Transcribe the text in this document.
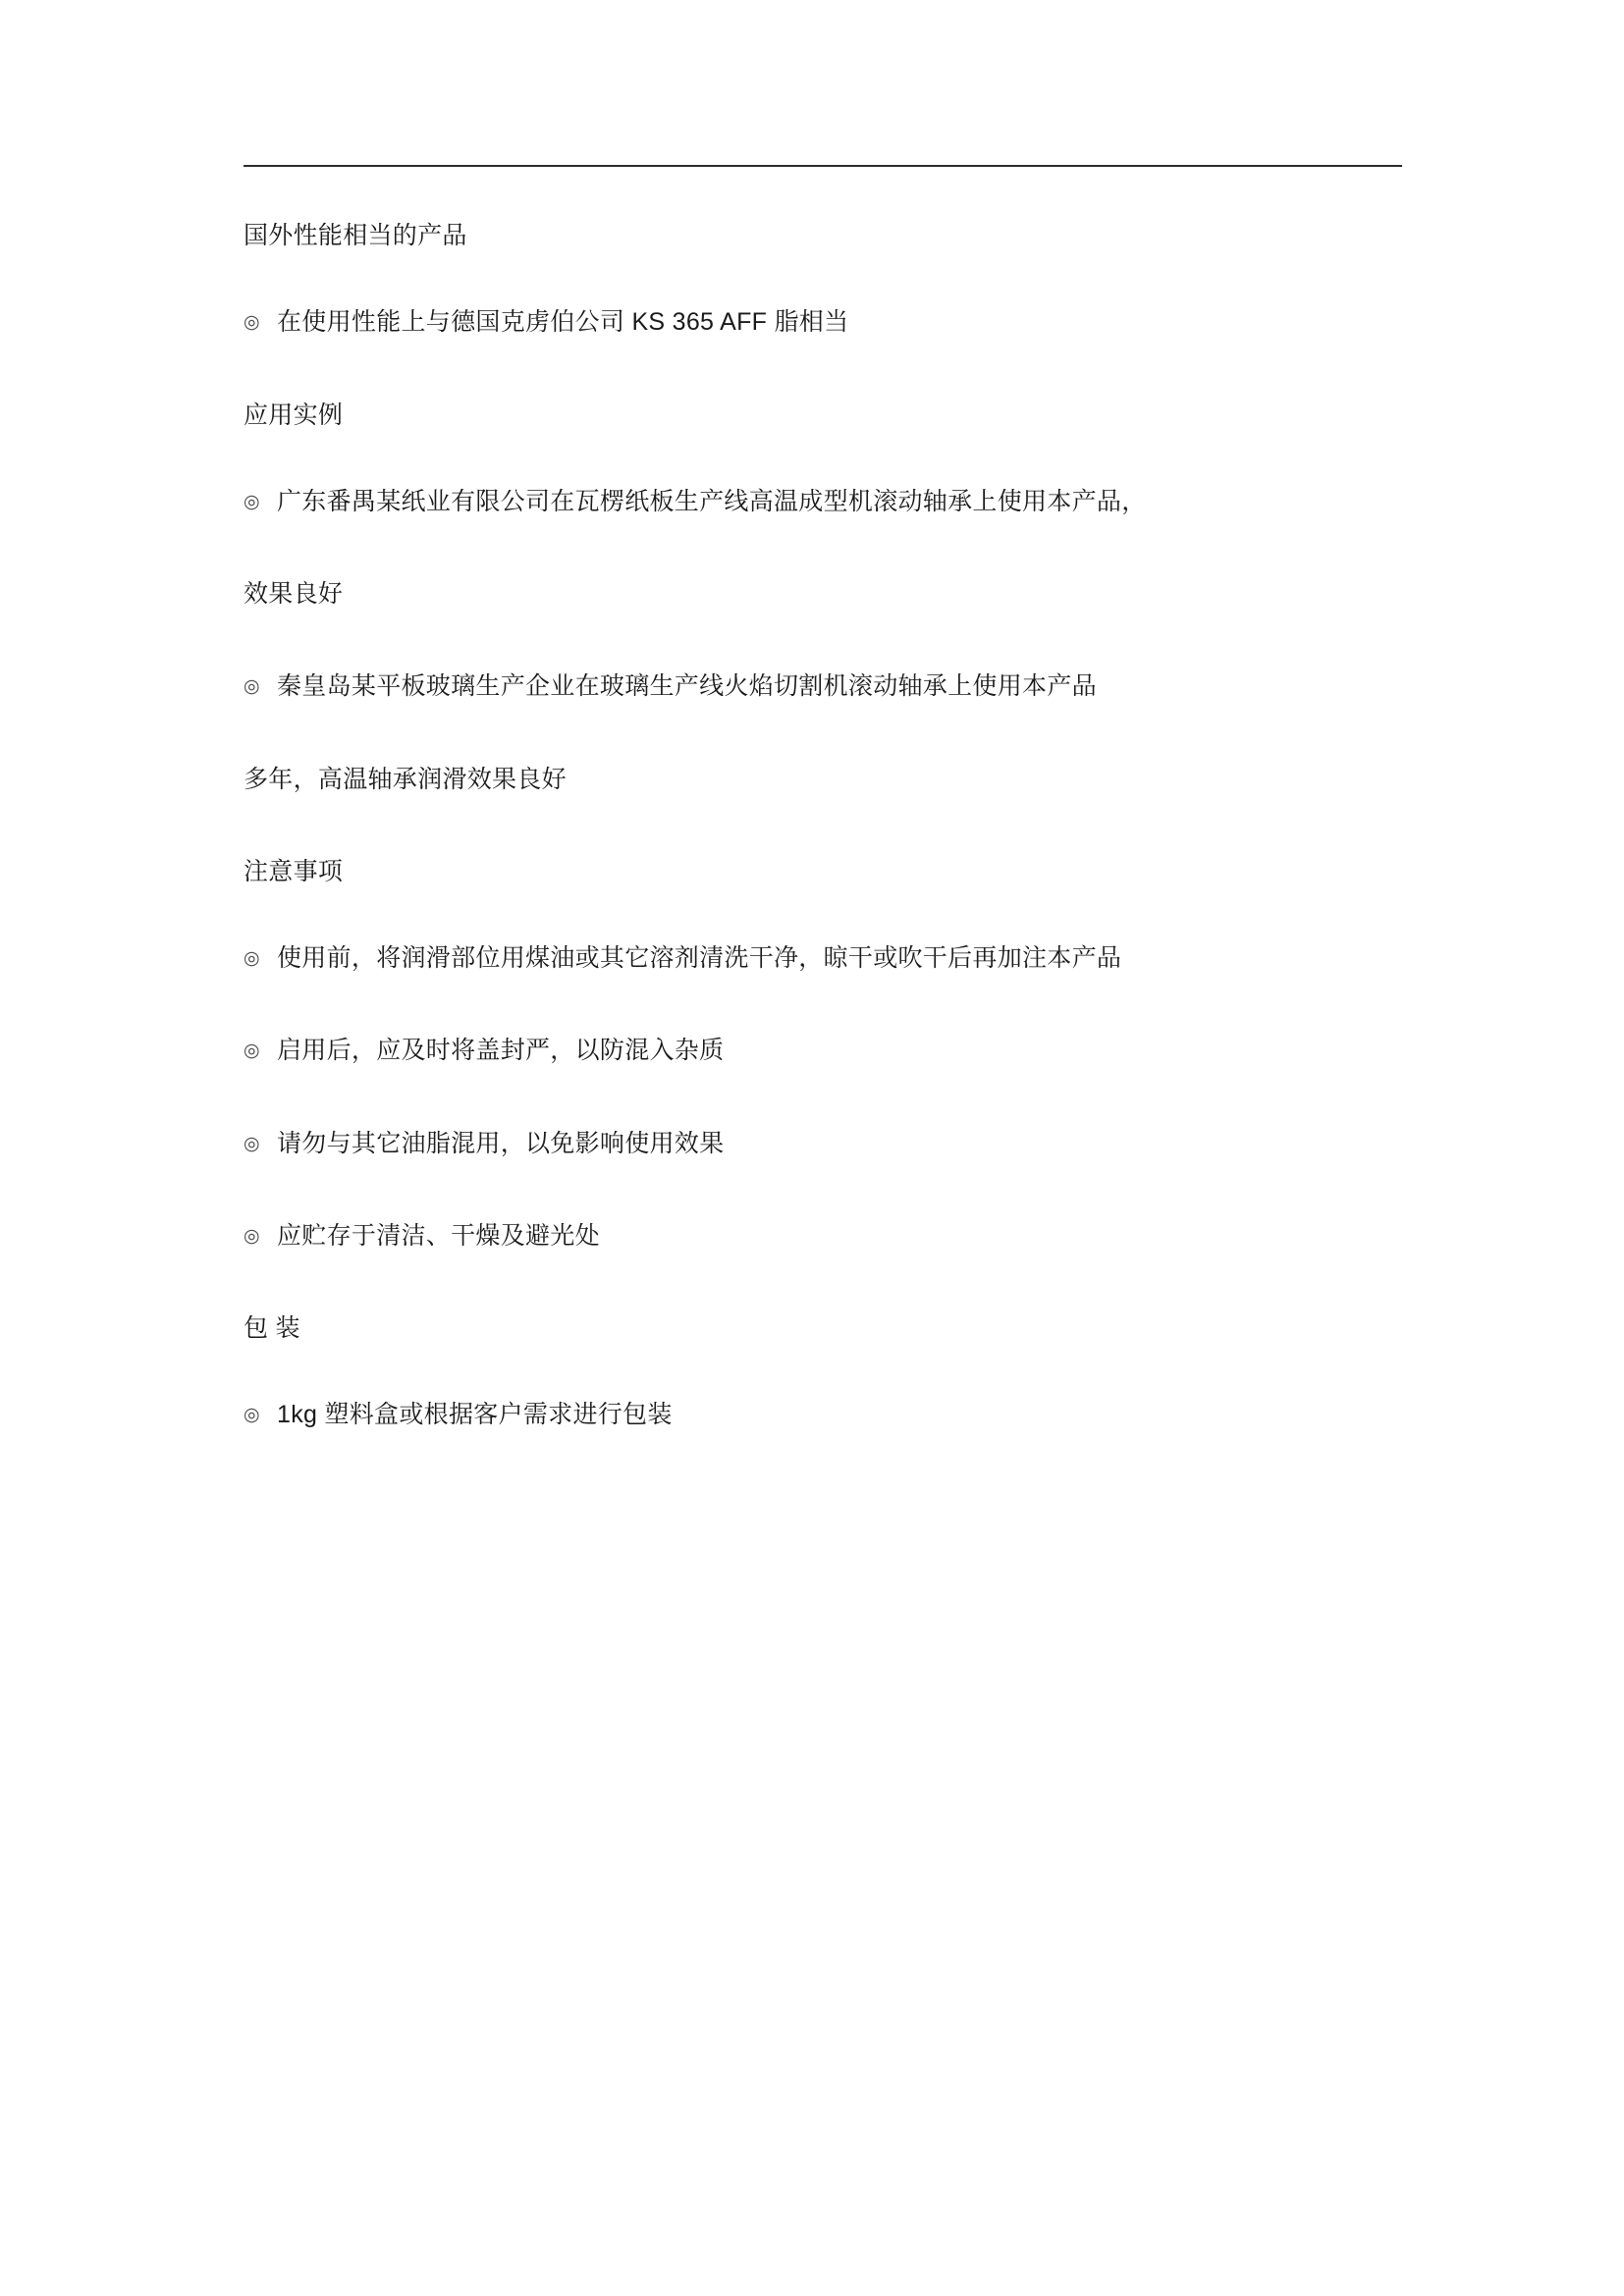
国外性能相当的产品
◎ 在使用性能上与德国克虏伯公司 KS 365 AFF 脂相当
应用实例
◎ 广东番禺某纸业有限公司在瓦楞纸板生产线高温成型机滚动轴承上使用本产品，
效果良好
◎ 秦皇岛某平板玻璃生产企业在玻璃生产线火焰切割机滚动轴承上使用本产品
多年，高温轴承润滑效果良好
注意事项
◎ 使用前，将润滑部位用煤油或其它溶剂清洗干净，晾干或吹干后再加注本产品
◎ 启用后，应及时将盖封严，以防混入杂质
◎ 请勿与其它油脂混用，以免影响使用效果
◎ 应贮存于清洁、干燥及避光处
包 装
◎ 1kg 塑料盒或根据客户需求进行包装
